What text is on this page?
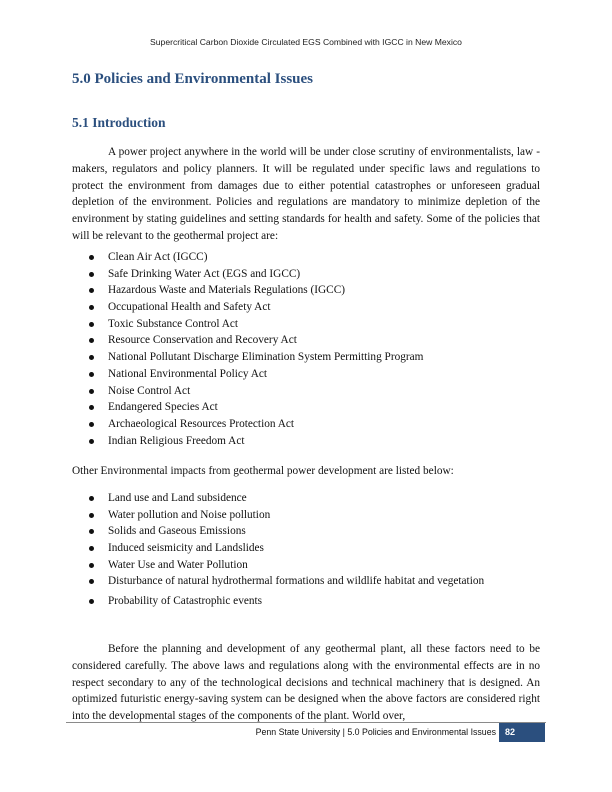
Supercritical Carbon Dioxide Circulated EGS Combined with IGCC in New Mexico
5.0 Policies and Environmental Issues
5.1 Introduction

A power project anywhere in the world will be under close scrutiny of environmentalists, law - makers, regulators and policy planners. It will be regulated under specific laws and regulations to protect the environment from damages due to either potential catastrophes or unforeseen gradual depletion of the environment. Policies and regulations are mandatory to minimize depletion of the environment by stating guidelines and setting standards for health and safety. Some of the policies that will be relevant to the geothermal project are:

Clean Air Act (IGCC)
Safe Drinking Water Act (EGS and IGCC)
Hazardous Waste and Materials Regulations (IGCC)
Occupational Health and Safety Act
Toxic Substance Control Act
Resource Conservation and Recovery Act
National Pollutant Discharge Elimination System Permitting Program
National Environmental Policy Act
Noise Control Act
Endangered Species Act
Archaeological Resources Protection Act
Indian Religious Freedom Act

Other Environmental impacts from geothermal power development are listed below:

Land use and Land subsidence
Water pollution and Noise pollution
Solids and Gaseous Emissions
Induced seismicity and Landslides
Water Use and Water Pollution
Disturbance of natural hydrothermal formations and wildlife habitat and vegetation
Probability of Catastrophic events

Before the planning and development of any geothermal plant, all these factors need to be considered carefully. The above laws and regulations along with the environmental effects are in no respect secondary to any of the technological decisions and technical machinery that is designed. An optimized futuristic energy-saving system can be designed when the above factors are considered right into the developmental stages of the components of the plant. World over,

Penn State University | 5.0 Policies and Environmental Issues	82
